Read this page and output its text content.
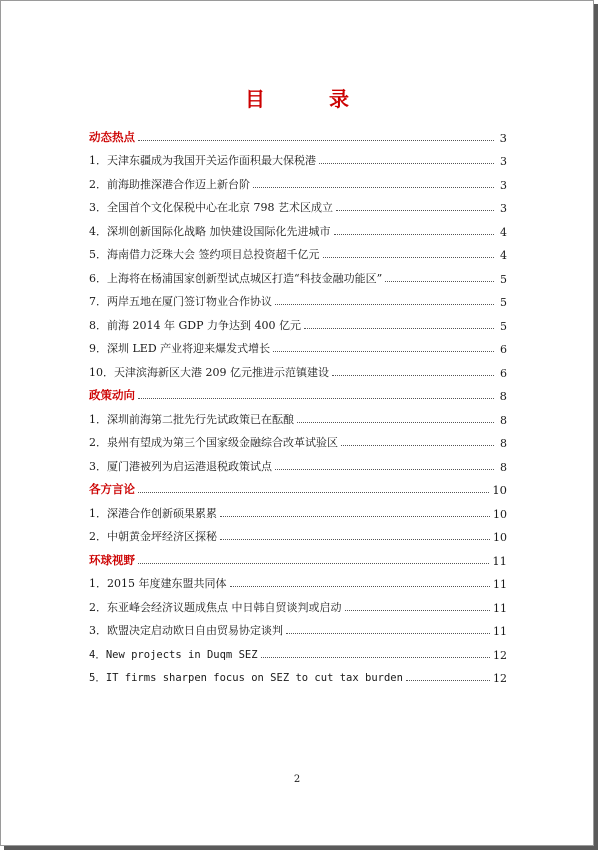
目　录
动态热点	3
1．天津东疆成为我国开关运作面积最大保税港	3
2．前海助推深港合作迈上新台阶	3
3．全国首个文化保税中心在北京 798 艺术区成立	3
4．深圳创新国际化战略 加快建设国际化先进城市	4
5．海南借力泛珠大会 签约项目总投资超千亿元	4
6．上海将在杨浦国家创新型试点城区打造“科技金融功能区”	5
7．两岸五地在厦门签订物业合作协议	5
8．前海 2014 年 GDP 力争达到 400 亿元	5
9．深圳 LED 产业将迎来爆发式增长	6
10．天津滨海新区大港 209 亿元推进示范镇建设	6
政策动向	8
1．深圳前海第二批先行先试政策已在酝酿	8
2．泉州有望成为第三个国家级金融综合改革试验区	8
3．厦门港被列为启运港退税政策试点	8
各方言论	10
1．深港合作创新硕果累累	10
2．中朝黄金坪经济区探秘	10
环球视野	11
1．2015 年度建东盟共同体	11
2．东亚峰会经济议题成焦点 中日韩自贸谈判或启动	11
3．欧盟决定启动欧日自由贸易协定谈判	11
4．New projects in Duqm SEZ	12
5．IT firms sharpen focus on SEZ to cut tax burden	12
2
